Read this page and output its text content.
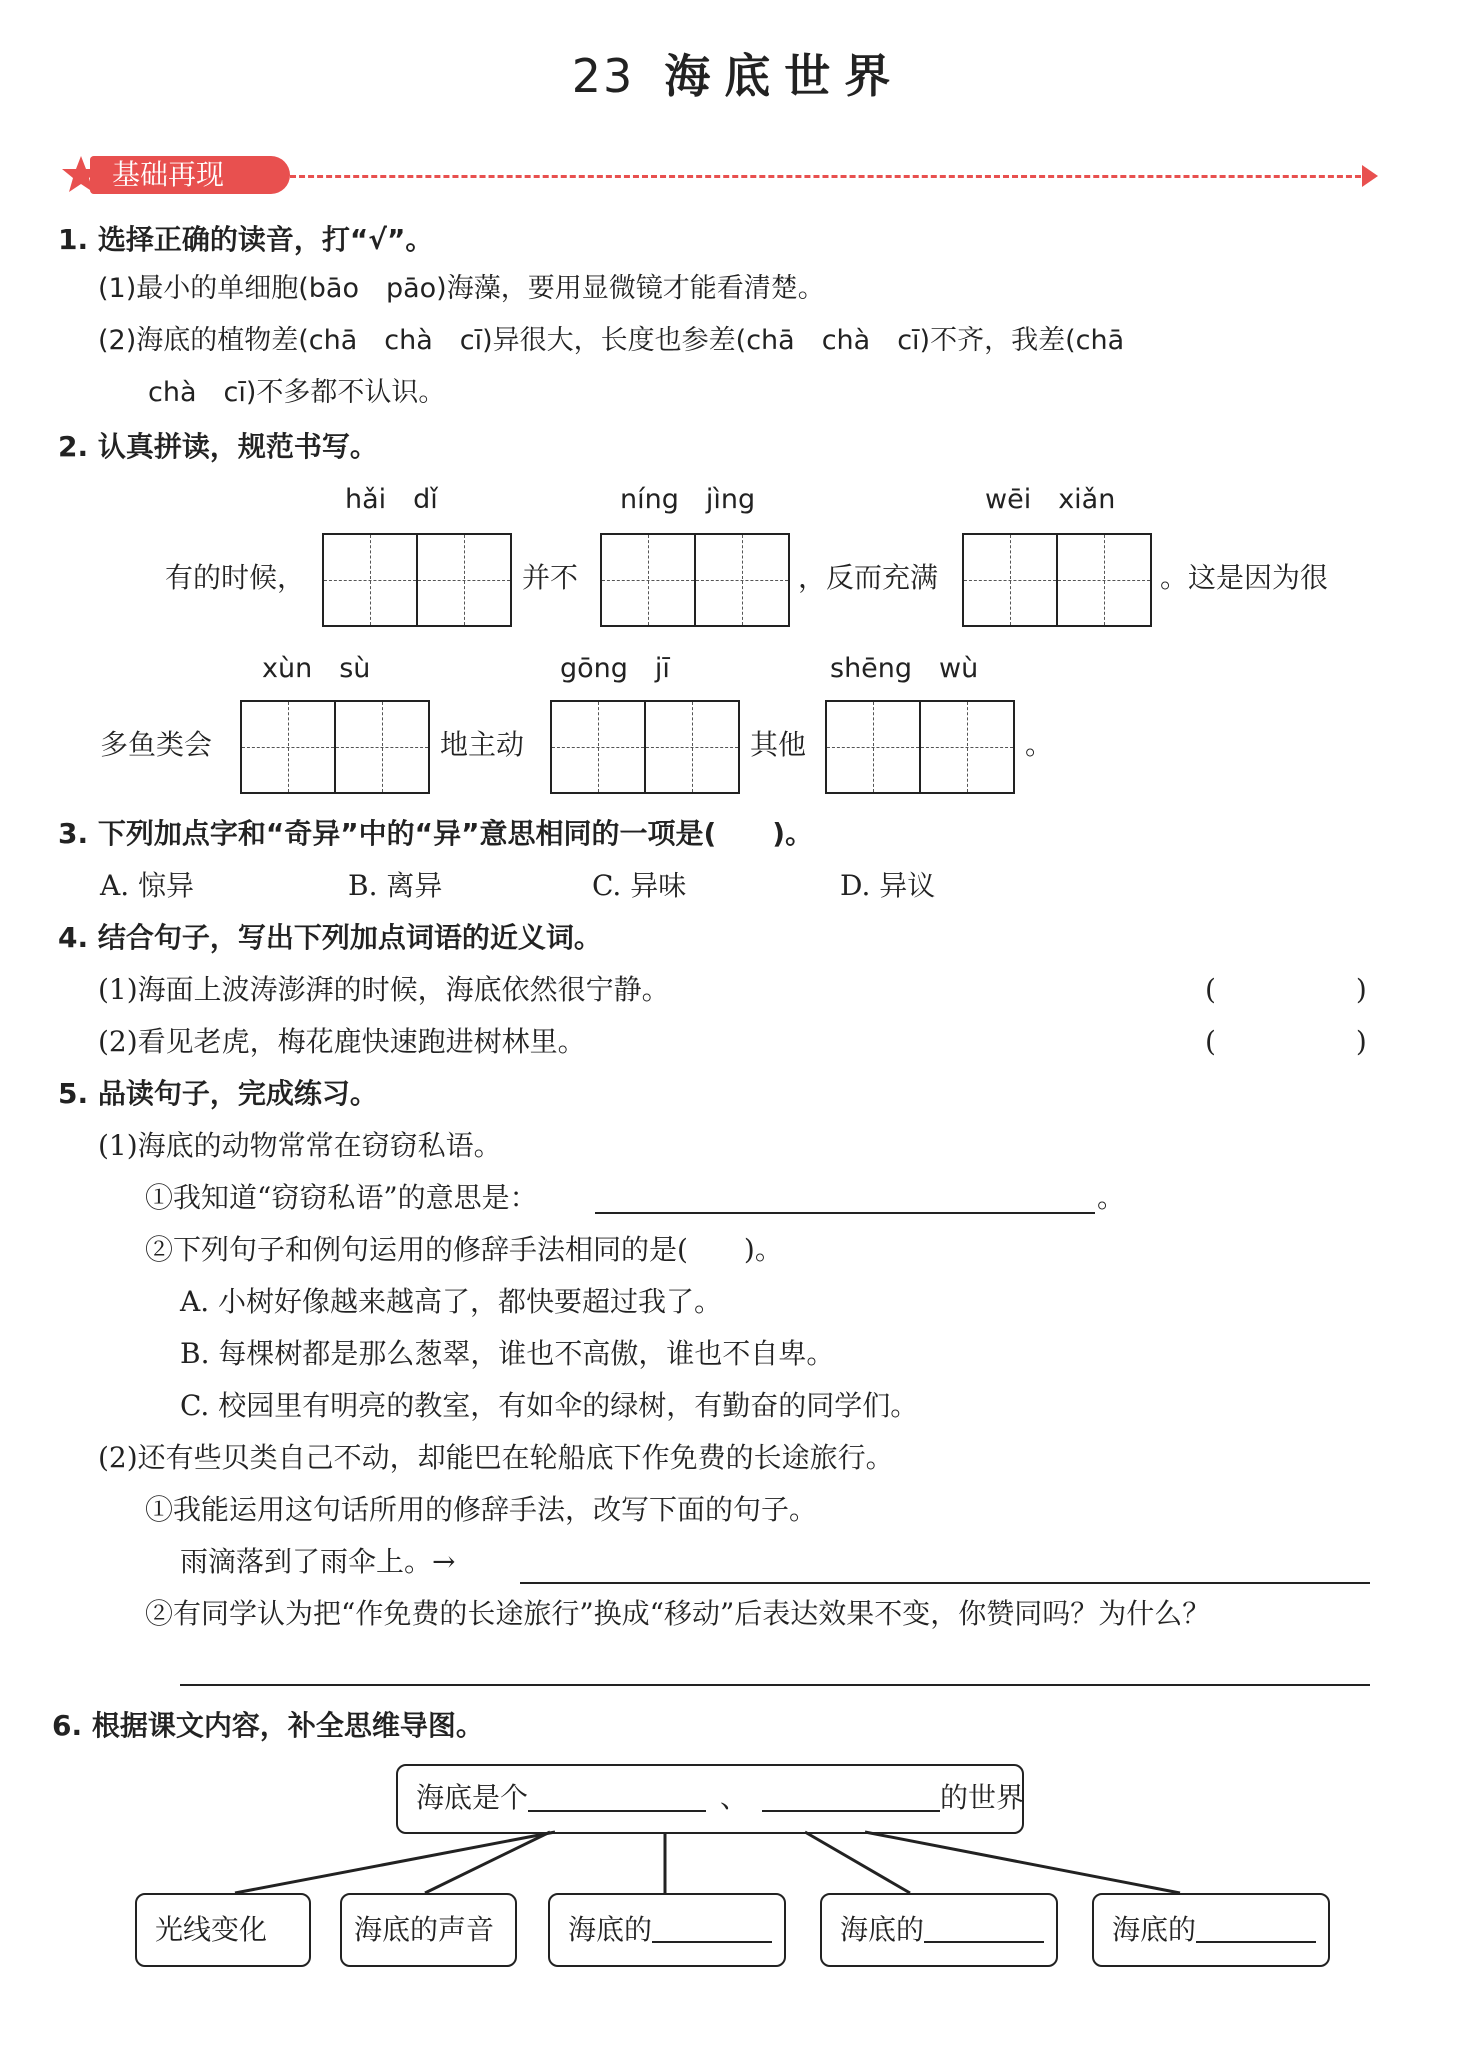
23 海底世界
基础再现
1. 选择正确的读音，打“√”。
(1)最小的单细胞(bāo　pāo)海藻，要用显微镜才能看清楚。
(2)海底的植物差(chā　chà　cī)异很大，长度也参差(chā　chà　cī)不齐，我差(chā
chà　cī)不多都不认识。
2. 认真拼读，规范书写。
hǎi　dǐ	níng　jìng	wēi　xiǎn
有的时候，	并不	，反而充满	。这是因为很
xùn　sù	gōng　jī	shēng　wù
多鱼类会	地主动	其他	。
3. 下列加点字和“奇异”中的“异”意思相同的一项是(　　)。
A. 惊异	B. 离异	C. 异味	D. 异议
4. 结合句子，写出下列加点词语的近义词。
(1)海面上波涛澎湃的时候，海底依然很宁静。	(　　　　　)
(2)看见老虎，梅花鹿快速跑进树林里。	(　　　　　)
5. 品读句子，完成练习。
(1)海底的动物常常在窃窃私语。
①我知道“窃窃私语”的意思是：	。
②下列句子和例句运用的修辞手法相同的是(　　)。
A. 小树好像越来越高了，都快要超过我了。
B. 每棵树都是那么葱翠，谁也不高傲，谁也不自卑。
C. 校园里有明亮的教室，有如伞的绿树，有勤奋的同学们。
(2)还有些贝类自己不动，却能巴在轮船底下作免费的长途旅行。
①我能运用这句话所用的修辞手法，改写下面的句子。
雨滴落到了雨伞上。→
②有同学认为把“作免费的长途旅行”换成“移动”后表达效果不变，你赞同吗？为什么？
6. 根据课文内容，补全思维导图。
海底是个	、	的世界
光线变化	海底的声音	海底的	海底的	海底的
